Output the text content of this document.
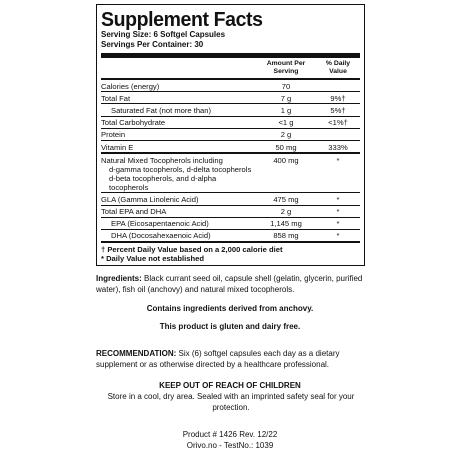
Supplement Facts
Serving Size: 6 Softgel Capsules
Servings Per Container: 30
Amount Per
Serving
% Daily
Value
Calories (energy)	70
Total Fat	7 g	9%†
Saturated Fat (not more than)	1 g	5%†
Total Carbohydrate	<1 g	<1%†
Protein	2 g
Vitamin E	50 mg	333%
Natural Mixed Tocopherols including
d-gamma tocopherols, d-delta tocopherols
d-beta tocopherols, and d-alpha tocopherols
400 mg	*
GLA (Gamma Linolenic Acid)	475 mg	*
Total EPA and DHA	2 g	*
EPA (Eicosapentaenoic Acid)	1,145 mg	*
DHA (Docosahexaenoic Acid)	858 mg	*
† Percent Daily Value based on a 2,000 calorie diet
* Daily Value not established
Ingredients: Black currant seed oil, capsule shell (gelatin, glycerin, purified water), fish oil (anchovy) and natural mixed tocopherols.
Contains ingredients derived from anchovy.
This product is gluten and dairy free.
RECOMMENDATION: Six (6) softgel capsules each day as a dietary supplement or as otherwise directed by a healthcare professional.
KEEP OUT OF REACH OF CHILDREN
Store in a cool, dry area. Sealed with an imprinted safety seal for your protection.
Product # 1426 Rev. 12/22
Orivo.no - TestNo.: 1039
